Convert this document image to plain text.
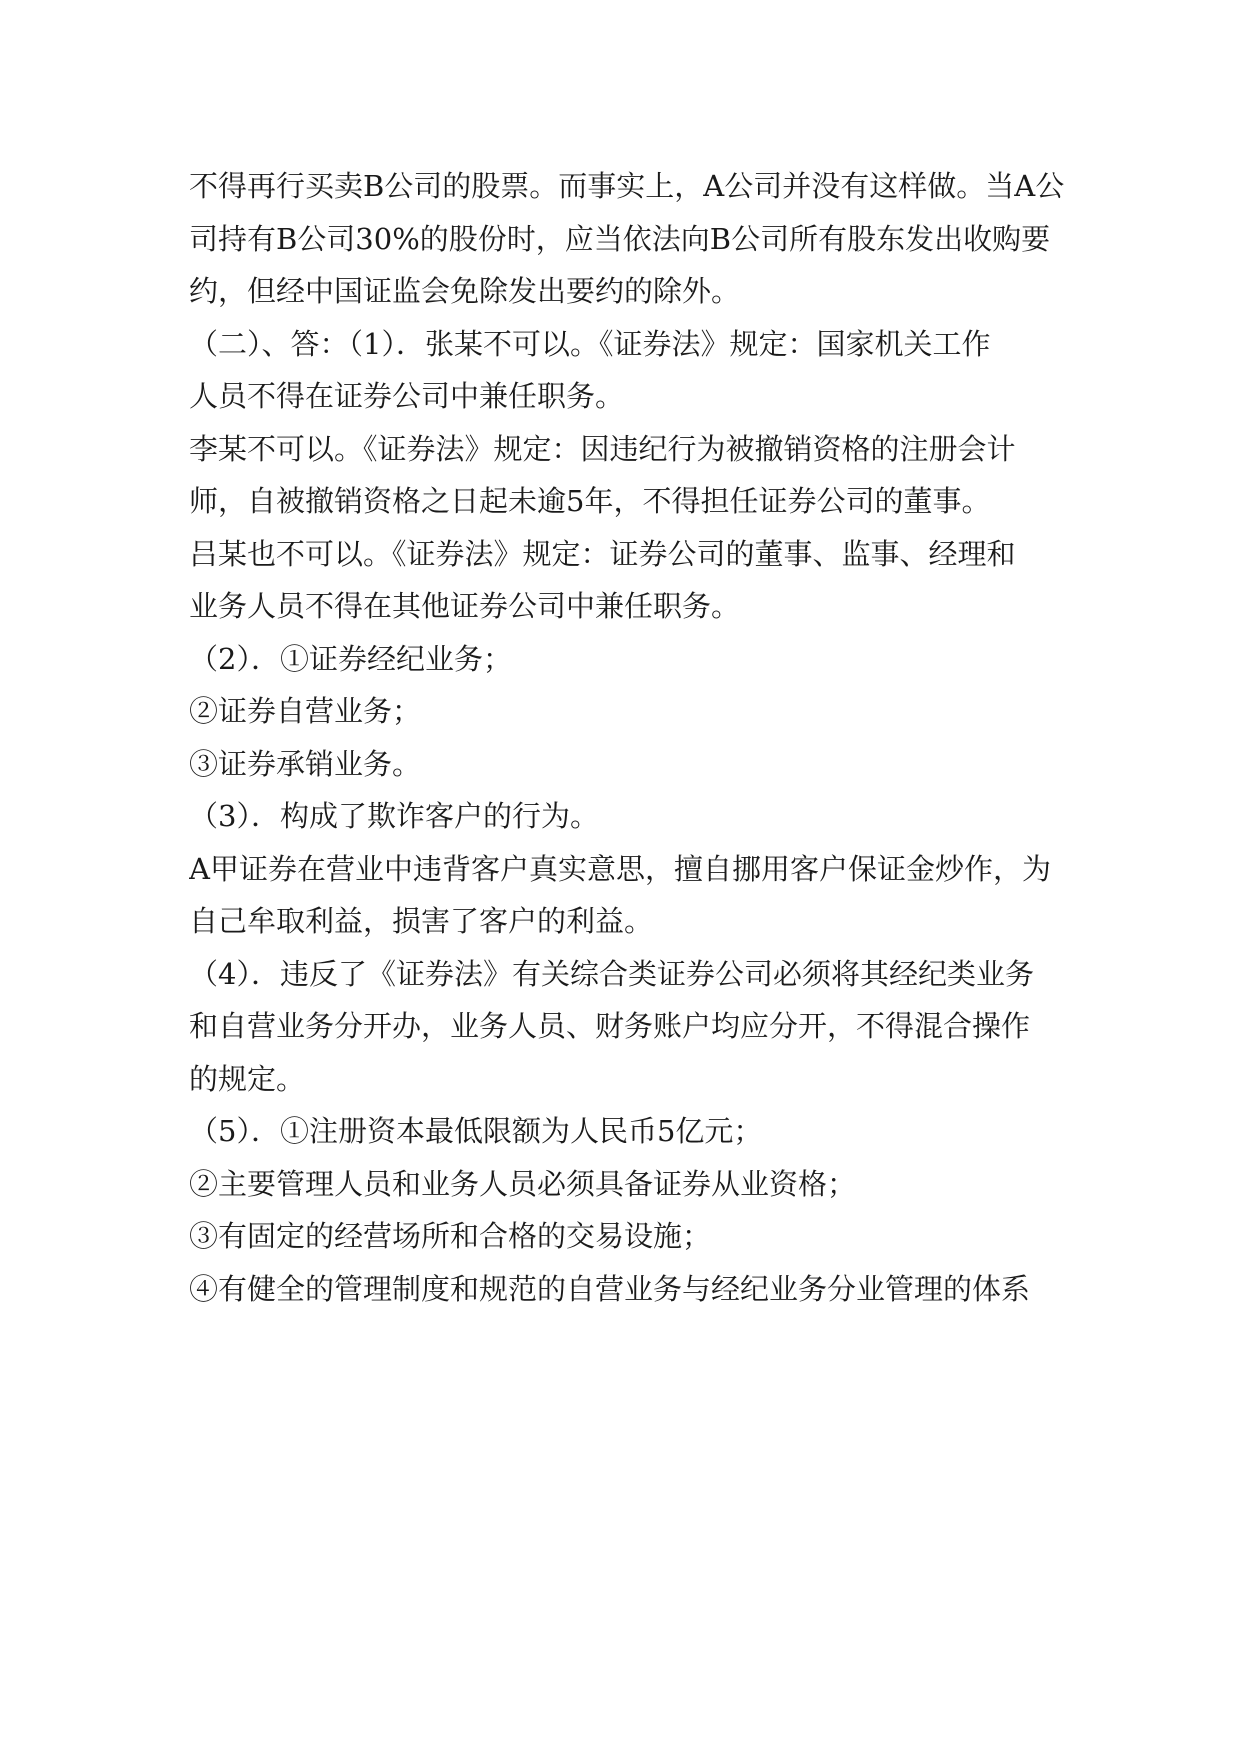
不得再行买卖B公司的股票。而事实上，A公司并没有这样做。当A公
司持有B公司30%的股份时，应当依法向B公司所有股东发出收购要
约，但经中国证监会免除发出要约的除外。
（二）、答：（1）．张某不可以。《证券法》规定：国家机关工作
人员不得在证券公司中兼任职务。
李某不可以。《证券法》规定：因违纪行为被撤销资格的注册会计
师，自被撤销资格之日起未逾5年，不得担任证券公司的董事。
吕某也不可以。《证券法》规定：证券公司的董事、监事、经理和
业务人员不得在其他证券公司中兼任职务。
（2）．①证券经纪业务；
②证券自营业务；
③证券承销业务。
（3）．构成了欺诈客户的行为。
A甲证券在营业中违背客户真实意思，擅自挪用客户保证金炒作，为
自己牟取利益，损害了客户的利益。
（4）．违反了《证券法》有关综合类证券公司必须将其经纪类业务
和自营业务分开办，业务人员、财务账户均应分开，不得混合操作
的规定。
（5）．①注册资本最低限额为人民币5亿元；
②主要管理人员和业务人员必须具备证券从业资格；
③有固定的经营场所和合格的交易设施；
④有健全的管理制度和规范的自营业务与经纪业务分业管理的体系
